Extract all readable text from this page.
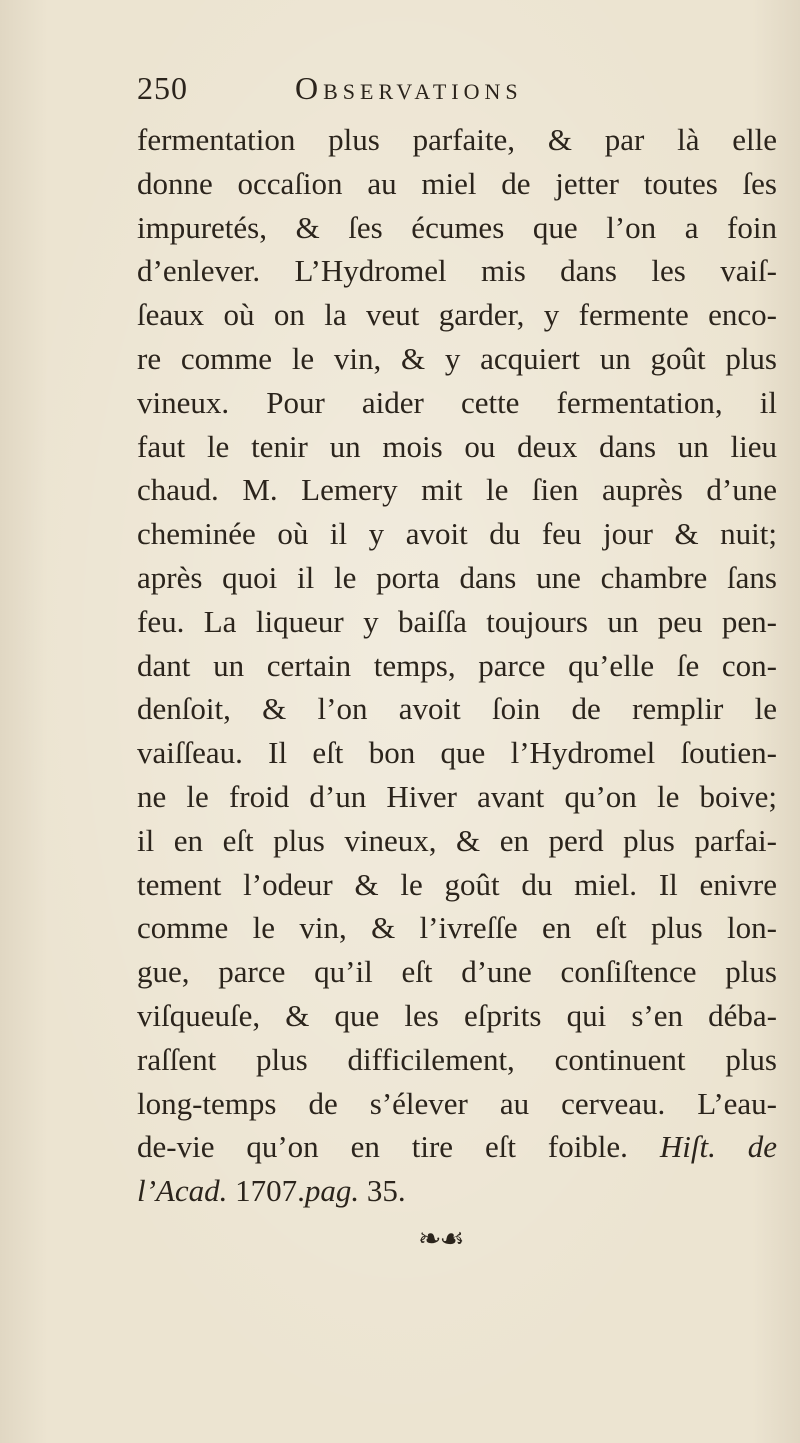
250	Observations
fermentation plus parfaite, & par là elle
donne occaſion au miel de jetter toutes ſes
impuretés, & ſes écumes que l’on a foin
d’enlever. L’Hydromel mis dans les vaiſ-
ſeaux où on la veut garder, y fermente enco-
re comme le vin, & y acquiert un goût plus
vineux. Pour aider cette fermentation, il
faut le tenir un mois ou deux dans un lieu
chaud. M. Lemery mit le ſien auprès d’une
cheminée où il y avoit du feu jour & nuit;
après quoi il le porta dans une chambre ſans
feu. La liqueur y baiſſa toujours un peu pen-
dant un certain temps, parce qu’elle ſe con-
denſoit, & l’on avoit ſoin de remplir le
vaiſſeau. Il eſt bon que l’Hydromel ſoutien-
ne le froid d’un Hiver avant qu’on le boive;
il en eſt plus vineux, & en perd plus parfai-
tement l’odeur & le goût du miel. Il enivre
comme le vin, & l’ivreſſe en eſt plus lon-
gue, parce qu’il eſt d’une conſiſtence plus
viſqueuſe, & que les eſprits qui s’en déba-
raſſent plus difficilement, continuent plus
long-temps de s’élever au cerveau. L’eau-
de-vie qu’on en tire eſt foible. Hiſt. de
l’Acad. 1707.pag. 35.
❧☙
